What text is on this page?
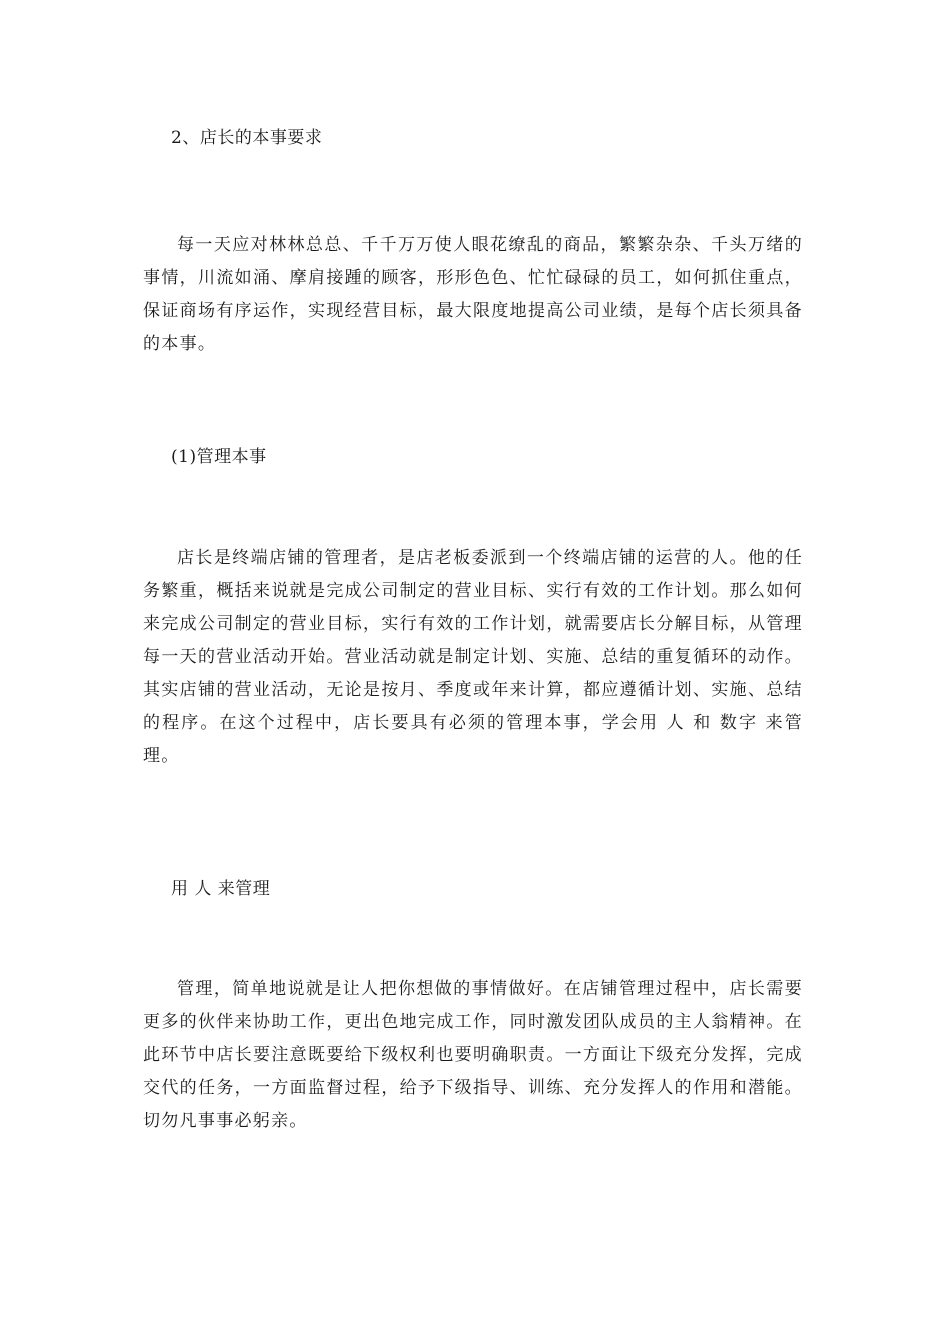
2、店长的本事要求
每一天应对林林总总、千千万万使人眼花缭乱的商品，繁繁杂杂、千头万绪的事情，川流如涌、摩肩接踵的顾客，形形色色、忙忙碌碌的员工，如何抓住重点，保证商场有序运作，实现经营目标，最大限度地提高公司业绩，是每个店长须具备的本事。
(1)管理本事
店长是终端店铺的管理者，是店老板委派到一个终端店铺的运营的人。他的任务繁重，概括来说就是完成公司制定的营业目标、实行有效的工作计划。那么如何来完成公司制定的营业目标，实行有效的工作计划，就需要店长分解目标，从管理每一天的营业活动开始。营业活动就是制定计划、实施、总结的重复循环的动作。其实店铺的营业活动，无论是按月、季度或年来计算，都应遵循计划、实施、总结的程序。在这个过程中，店长要具有必须的管理本事，学会用 人 和 数字 来管理。
用 人 来管理
管理，简单地说就是让人把你想做的事情做好。在店铺管理过程中，店长需要更多的伙伴来协助工作，更出色地完成工作，同时激发团队成员的主人翁精神。在此环节中店长要注意既要给下级权利也要明确职责。一方面让下级充分发挥，完成交代的任务，一方面监督过程，给予下级指导、训练、充分发挥人的作用和潜能。切勿凡事事必躬亲。
